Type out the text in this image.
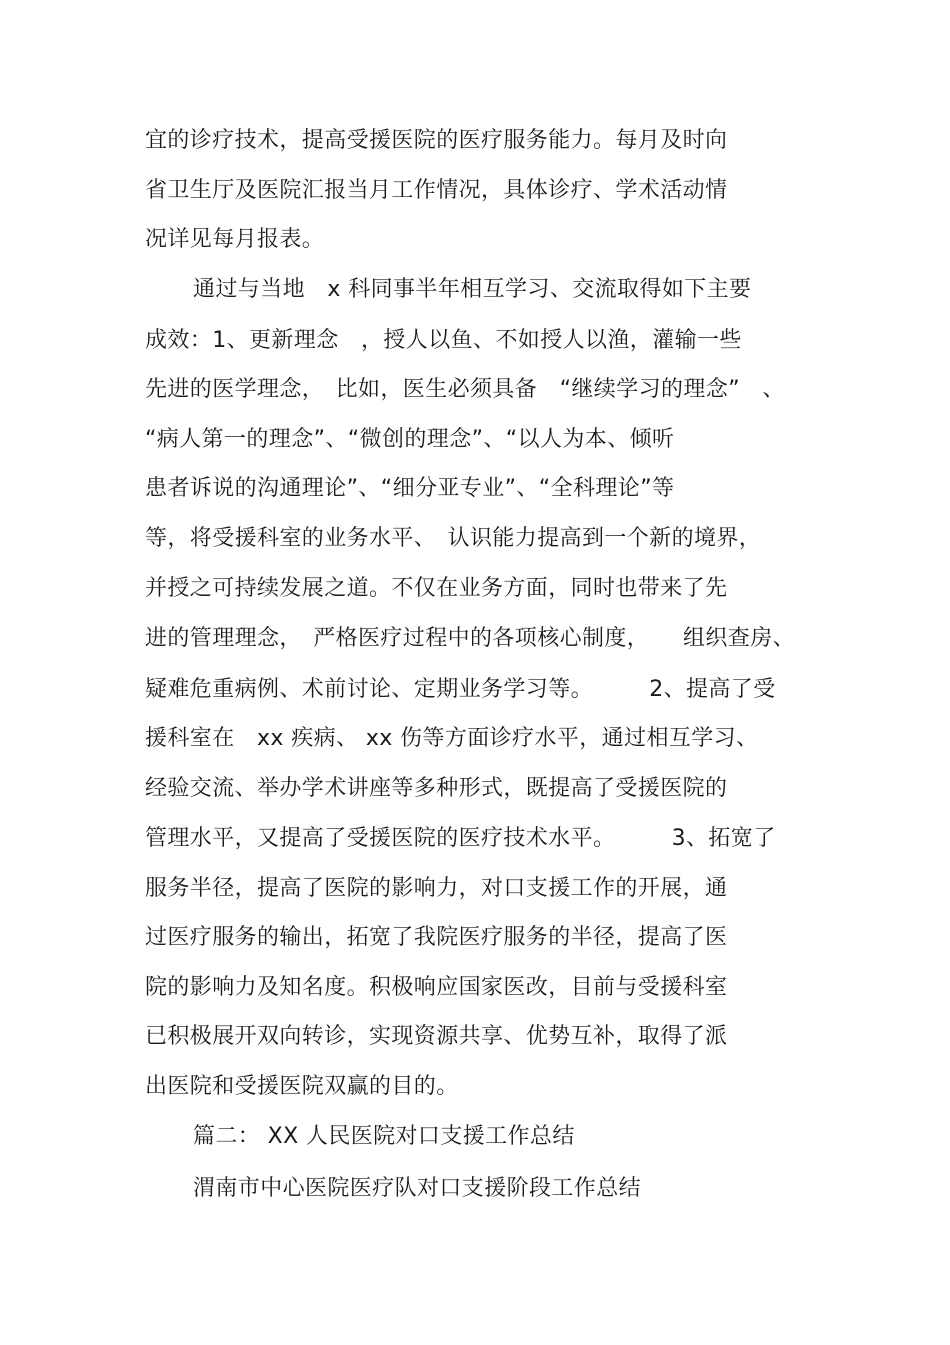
宜的诊疗技术，提高受援医院的医疗服务能力。每月及时向
省卫生厅及医院汇报当月工作情况，具体诊疗、学术活动情
况详见每月报表。
通过与当地　x 科同事半年相互学习、交流取得如下主要
成效：1、更新理念　，授人以鱼、不如授人以渔，灌输一些
先进的医学理念，　比如，医生必须具备　“继续学习的理念”　、
“病人第一的理念”、“微创的理念”、“以人为本、倾听
患者诉说的沟通理论”、“细分亚专业”、“全科理论”等
等，将受援科室的业务水平、　认识能力提高到一个新的境界，
并授之可持续发展之道。不仅在业务方面，同时也带来了先
进的管理理念，　严格医疗过程中的各项核心制度，　　组织查房、
疑难危重病例、术前讨论、定期业务学习等。　　　2、提高了受
援科室在　xx 疾病、 xx 伤等方面诊疗水平，通过相互学习、
经验交流、举办学术讲座等多种形式，既提高了受援医院的
管理水平，又提高了受援医院的医疗技术水平。　　　3、拓宽了
服务半径，提高了医院的影响力，对口支援工作的开展，通
过医疗服务的输出，拓宽了我院医疗服务的半径，提高了医
院的影响力及知名度。积极响应国家医改，目前与受援科室
已积极展开双向转诊，实现资源共享、优势互补，取得了派
出医院和受援医院双赢的目的。
篇二： XX 人民医院对口支援工作总结
渭南市中心医院医疗队对口支援阶段工作总结
